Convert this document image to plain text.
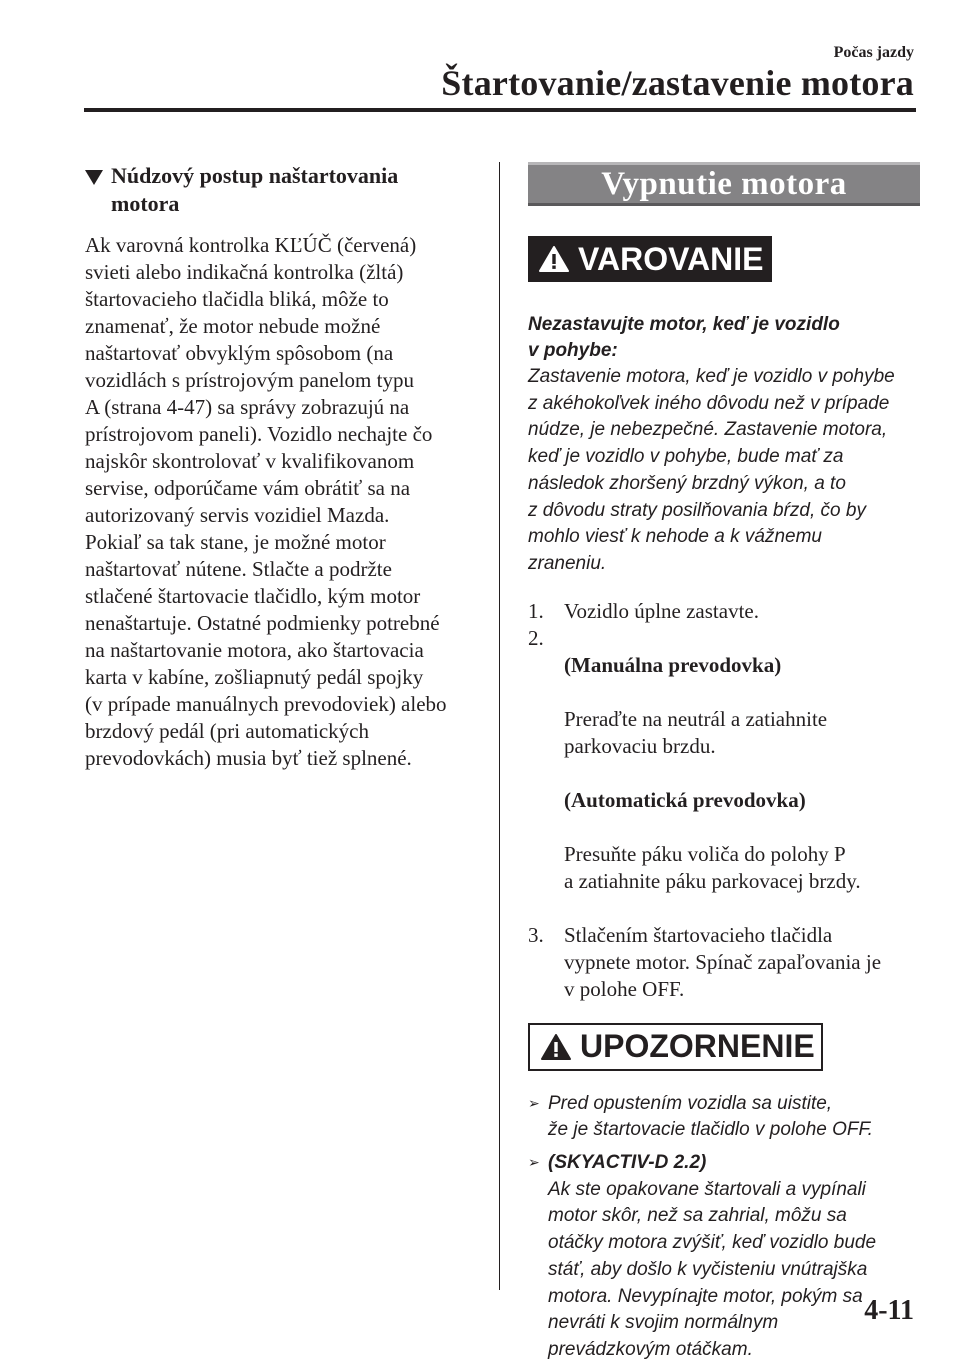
Počas jazdy

Štartovanie/zastavenie motora

Núdzový postup naštartovania
motora

Ak varovná kontrolka KĽÚČ (červená)
svieti alebo indikačná kontrolka (žltá)
štartovacieho tlačidla bliká, môže to
znamenať, že motor nebude možné
naštartovať obvyklým spôsobom (na
vozidlách s prístrojovým panelom typu
A (strana 4-47) sa správy zobrazujú na
prístrojovom paneli). Vozidlo nechajte čo
najskôr skontrolovať v kvalifikovanom
servise, odporúčame vám obrátiť sa na
autorizovaný servis vozidiel Mazda.
Pokiaľ sa tak stane, je možné motor
naštartovať nútene. Stlačte a podržte
stlačené štartovacie tlačidlo, kým motor
nenaštartuje. Ostatné podmienky potrebné
na naštartovanie motora, ako štartovacia
karta v kabíne, zošliapnutý pedál spojky
(v prípade manuálnych prevodoviek) alebo
brzdový pedál (pri automatických
prevodovkách) musia byť tiež splnené.

Vypnutie motora
VAROVANIE

Nezastavujte motor, keď je vozidlo
v pohybe:

Zastavenie motora, keď je vozidlo v pohybe
z akéhokoľvek iného dôvodu než v prípade
núdze, je nebezpečné. Zastavenie motora,
keď je vozidlo v pohybe, bude mať za
následok zhoršený brzdný výkon, a to
z dôvodu straty posilňovania bŕzd, čo by
mohlo viesť k nehode a k vážnemu
zraneniu.

1. Vozidlo úplne zastavte.
2.

(Manuálna prevodovka)

Preraďte na neutrál a zatiahnite
parkovaciu brzdu.

(Automatická prevodovka)

Presuňte páku voliča do polohy P
a zatiahnite páku parkovacej brzdy.

3. Stlačením štartovacieho tlačidla
vypnete motor. Spínač zapaľovania je
v polohe OFF.
UPOZORNENIE
➢ Pred opustením vozidla sa uistite,
že je štartovacie tlačidlo v polohe OFF.
➢ (SKYACTIV-D 2.2)
Ak ste opakovane štartovali a vypínali
motor skôr, než sa zahrial, môžu sa
otáčky motora zvýšiť, keď vozidlo bude
stáť, aby došlo k vyčisteniu vnútrajška
motora. Nevypínajte motor, pokým sa
nevráti k svojim normálnym
prevádzkovým otáčkam.

4-11
